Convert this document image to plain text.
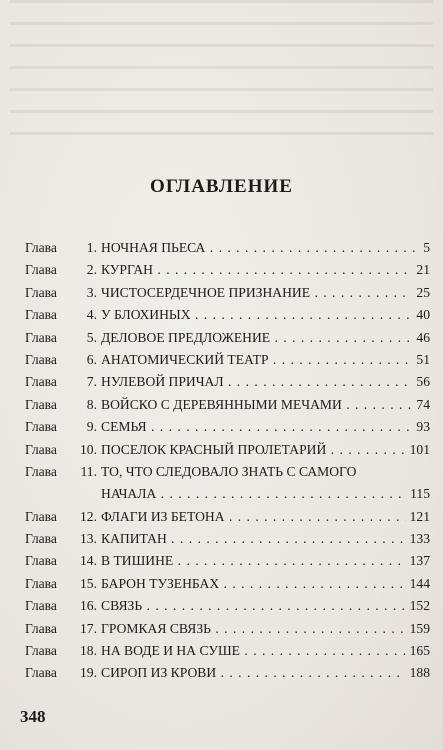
ОГЛАВЛЕНИЕ
Глава	1. НОЧНАЯ ПЬЕСА . . .	5
Глава	2. КУРГАН . . .	21
Глава	3. ЧИСТОСЕРДЕЧНОЕ ПРИЗНАНИЕ . . .	25
Глава	4. У БЛОХИНЫХ . . .	40
Глава	5. ДЕЛОВОЕ ПРЕДЛОЖЕНИЕ . . .	46
Глава	6. АНАТОМИЧЕСКИЙ ТЕАТР . . .	51
Глава	7. НУЛЕВОЙ ПРИЧАЛ . . .	56
Глава	8. ВОЙСКО С ДЕРЕВЯННЫМИ МЕЧАМИ . . .	74
Глава	9. СЕМЬЯ . . .	93
Глава	10. ПОСЕЛОК КРАСНЫЙ ПРОЛЕТАРИЙ . . .	101
Глава	11. ТО, ЧТО СЛЕДОВАЛО ЗНАТЬ С САМОГО
НАЧАЛА . . .	115
Глава	12. ФЛАГИ ИЗ БЕТОНА . . .	121
Глава	13. КАПИТАН . . .	133
Глава	14. В ТИШИНЕ . . .	137
Глава	15. БАРОН ТУЗЕНБАХ . . .	144
Глава	16. СВЯЗЬ . . .	152
Глава	17. ГРОМКАЯ СВЯЗЬ . . .	159
Глава	18. НА ВОДЕ И НА СУШЕ . . .	165
Глава	19. СИРОП ИЗ КРОВИ . . .	188
348
